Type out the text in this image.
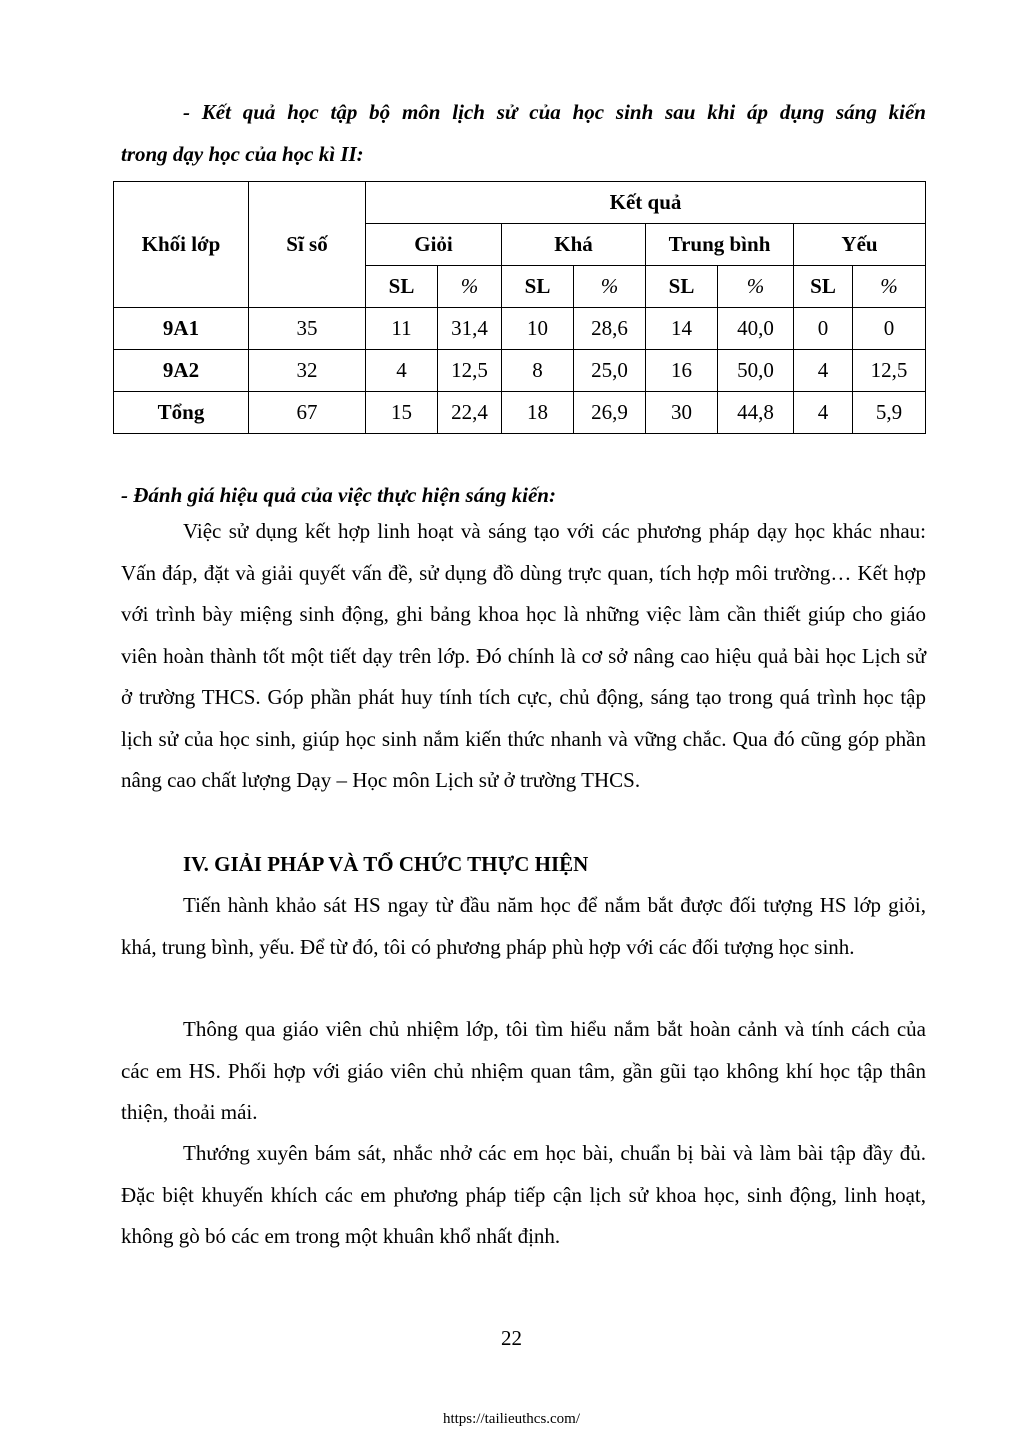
- Kết quả học tập bộ môn lịch sử của học sinh sau khi áp dụng sáng kiến
trong dạy học của học kì II:
Khối lớp	Sĩ số	Kết quả							
		Giỏi		Khá		Trung bình		Yếu	
		SL	%	SL	%	SL	%	SL	%
9A1	35	11	31,4	10	28,6	14	40,0	0	0
9A2	32	4	12,5	8	25,0	16	50,0	4	12,5
Tổng	67	15	22,4	18	26,9	30	44,8	4	5,9
- Đánh giá hiệu quả của việc thực hiện sáng kiến:

Việc sử dụng kết hợp linh hoạt và sáng tạo với các phương pháp dạy học khác nhau: Vấn đáp, đặt và giải quyết vấn đề, sử dụng đồ dùng trực quan, tích hợp môi trường… Kết hợp với trình bày miệng sinh động, ghi bảng khoa học là những việc làm cần thiết giúp cho giáo viên hoàn thành tốt một tiết dạy trên lớp. Đó chính là cơ sở nâng cao hiệu quả bài học Lịch sử ở trường THCS. Góp phần phát huy tính tích cực, chủ động, sáng tạo trong quá trình học tập lịch sử của học sinh, giúp học sinh nắm kiến thức nhanh và vững chắc. Qua đó cũng góp phần nâng cao chất lượng Dạy – Học môn Lịch sử ở trường THCS.

IV. GIẢI PHÁP VÀ TỔ CHỨC THỰC HIỆN

Tiến hành khảo sát HS ngay từ đầu năm học để nắm bắt được đối tượng HS lớp giỏi, khá, trung bình, yếu. Để từ đó, tôi có phương pháp phù hợp với các đối tượng học sinh.

Thông qua giáo viên chủ nhiệm lớp, tôi tìm hiểu nắm bắt hoàn cảnh và tính cách của các em HS. Phối hợp với giáo viên chủ nhiệm quan tâm, gần gũi tạo không khí học tập thân thiện, thoải mái.

Thướng xuyên bám sát, nhắc nhở các em học bài, chuẩn bị bài và làm bài tập đầy đủ. Đặc biệt khuyến khích các em phương pháp tiếp cận lịch sử khoa học, sinh động, linh hoạt, không gò bó các em trong một khuân khổ nhất định.

22
https://tailieuthcs.com/
